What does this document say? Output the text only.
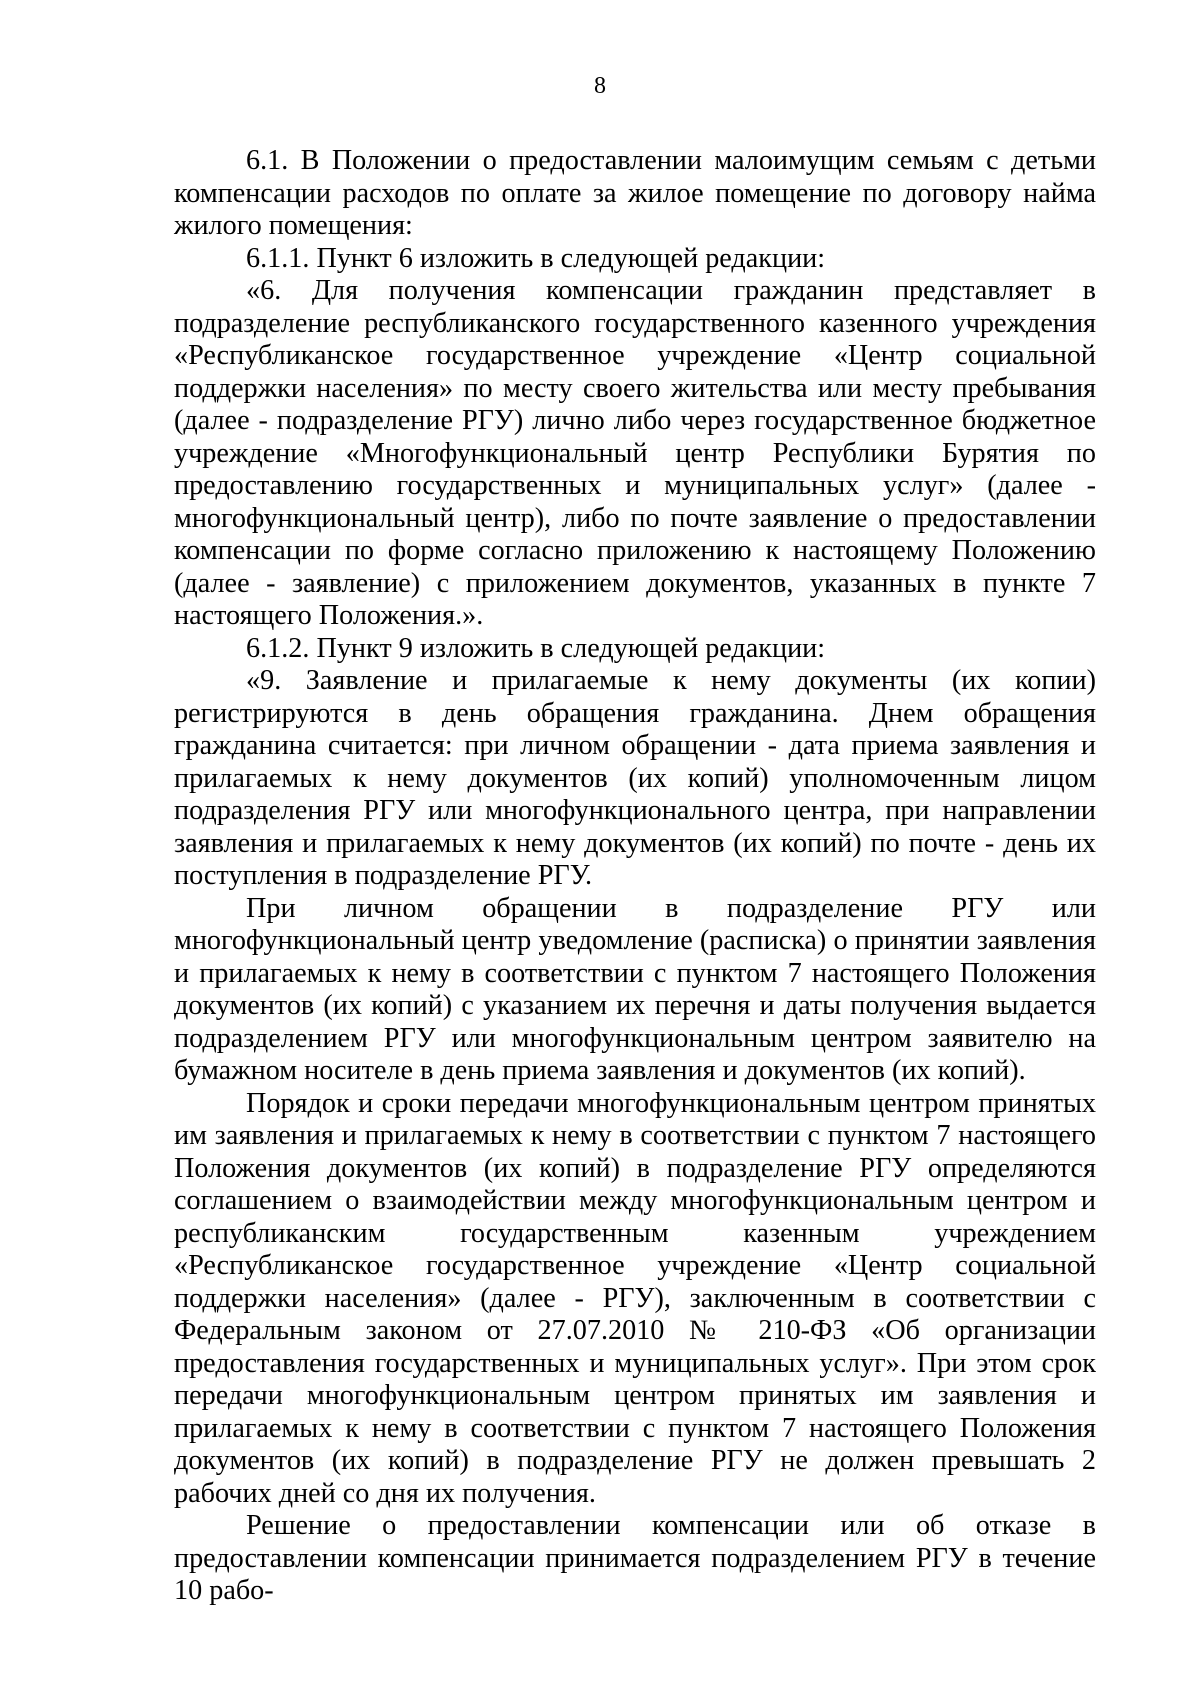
8

6.1. В Положении о предоставлении малоимущим семьям с детьми компенсации расходов по оплате за жилое помещение по договору найма жилого помещения:

6.1.1. Пункт 6 изложить в следующей редакции:

«6. Для получения компенсации гражданин представляет в подразделение республиканского государственного казенного учреждения «Республиканское государственное учреждение «Центр социальной поддержки населения» по месту своего жительства или месту пребывания (далее - подразделение РГУ) лично либо через государственное бюджетное учреждение «Многофункциональный центр Республики Бурятия по предоставлению государственных и муниципальных услуг» (далее - многофункциональный центр), либо по почте заявление о предоставлении компенсации по форме согласно приложению к настоящему Положению (далее - заявление) с приложением документов, указанных в пункте 7 настоящего Положения.».

6.1.2. Пункт 9 изложить в следующей редакции:

«9. Заявление и прилагаемые к нему документы (их копии) регистрируются в день обращения гражданина. Днем обращения гражданина считается: при личном обращении - дата приема заявления и прилагаемых к нему документов (их копий) уполномоченным лицом подразделения РГУ или многофункционального центра, при направлении заявления и прилагаемых к нему документов (их копий) по почте - день их поступления в подразделение РГУ.

При личном обращении в подразделение РГУ или многофункциональный центр уведомление (расписка) о принятии заявления и прилагаемых к нему в соответствии с пунктом 7 настоящего Положения документов (их копий) с указанием их перечня и даты получения выдается подразделением РГУ или многофункциональным центром заявителю на бумажном носителе в день приема заявления и документов (их копий).

Порядок и сроки передачи многофункциональным центром принятых им заявления и прилагаемых к нему в соответствии с пунктом 7 настоящего Положения документов (их копий) в подразделение РГУ определяются соглашением о взаимодействии между многофункциональным центром и республиканским государственным казенным учреждением «Республиканское государственное учреждение «Центр социальной поддержки населения» (далее - РГУ), заключенным в соответствии с Федеральным законом от 27.07.2010 № 210-ФЗ «Об организации предоставления государственных и муниципальных услуг». При этом срок передачи многофункциональным центром принятых им заявления и прилагаемых к нему в соответствии с пунктом 7 настоящего Положения документов (их копий) в подразделение РГУ не должен превышать 2 рабочих дней со дня их получения.

Решение о предоставлении компенсации или об отказе в предоставлении компенсации принимается подразделением РГУ в течение 10 рабо-
